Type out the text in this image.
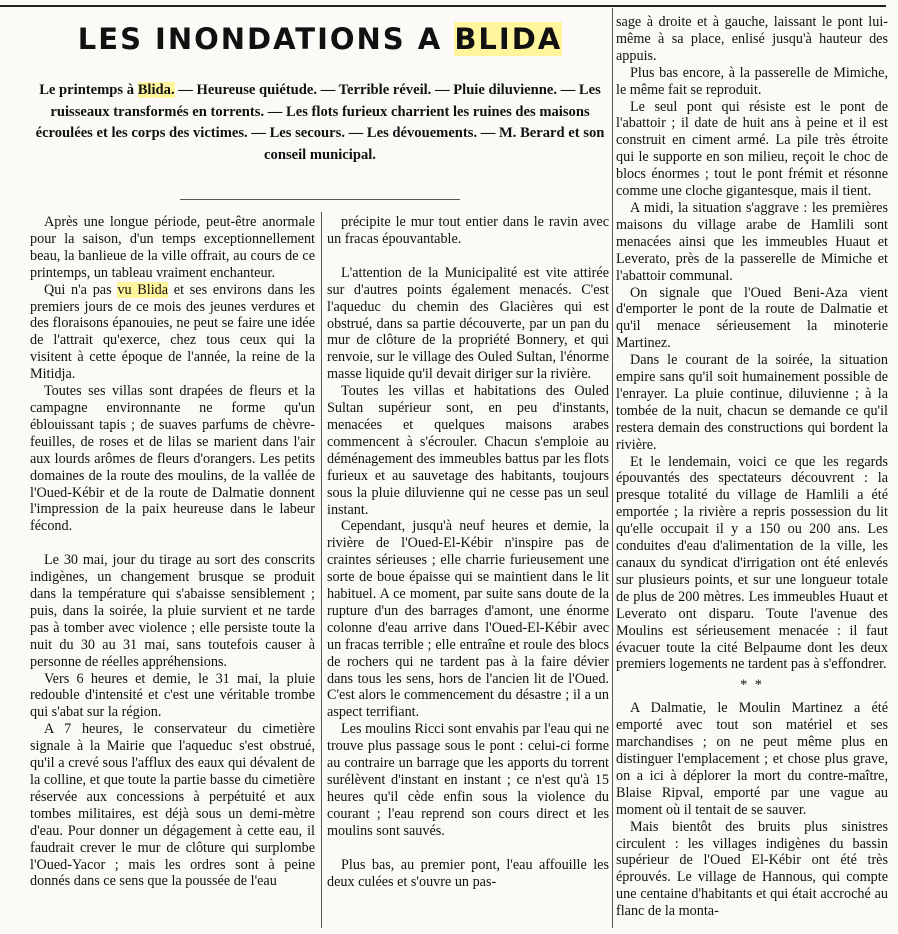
LES INONDATIONS A BLIDA

Le printemps à Blida. — Heureuse quiétude. — Terrible réveil. — Pluie diluvienne. — Les ruisseaux transformés en torrents. — Les flots furieux charrient les ruines des maisons écroulées et les corps des victimes. — Les secours. — Les dévouements. — M. Berard et son conseil municipal.

Après une longue période, peut-être anormale pour la saison, d'un temps exceptionnellement beau, la banlieue de la ville offrait, au cours de ce printemps, un tableau vraiment enchanteur.

Qui n'a pas vu Blida et ses environs dans les premiers jours de ce mois des jeunes verdures et des floraisons épanouies, ne peut se faire une idée de l'attrait qu'exerce, chez tous ceux qui la visitent à cette époque de l'année, la reine de la Mitidja.

Toutes ses villas sont drapées de fleurs et la campagne environnante ne forme qu'un éblouissant tapis ; de suaves parfums de chèvre-feuilles, de roses et de lilas se marient dans l'air aux lourds arômes de fleurs d'orangers. Les petits domaines de la route des moulins, de la vallée de l'Oued-Kébir et de la route de Dalmatie donnent l'impression de la paix heureuse dans le labeur fécond.

Le 30 mai, jour du tirage au sort des conscrits indigènes, un changement brusque se produit dans la température qui s'abaisse sensiblement ; puis, dans la soirée, la pluie survient et ne tarde pas à tomber avec violence ; elle persiste toute la nuit du 30 au 31 mai, sans toutefois causer à personne de réelles appréhensions.

Vers 6 heures et demie, le 31 mai, la pluie redouble d'intensité et c'est une véritable trombe qui s'abat sur la région.

A 7 heures, le conservateur du cimetière signale à la Mairie que l'aqueduc s'est obstrué, qu'il a crevé sous l'afflux des eaux qui dévalent de la colline, et que toute la partie basse du cimetière réservée aux concessions à perpétuité et aux tombes militaires, est déjà sous un demi-mètre d'eau. Pour donner un dégagement à cette eau, il faudrait crever le mur de clôture qui surplombe l'Oued-Yacor ; mais les ordres sont à peine donnés dans ce sens que la poussée de l'eau

précipite le mur tout entier dans le ravin avec un fracas épouvantable.

L'attention de la Municipalité est vite attirée sur d'autres points également menacés. C'est l'aqueduc du chemin des Glacières qui est obstrué, dans sa partie découverte, par un pan du mur de clôture de la propriété Bonnery, et qui renvoie, sur le village des Ouled Sultan, l'énorme masse liquide qu'il devait diriger sur la rivière.

Toutes les villas et habitations des Ouled Sultan supérieur sont, en peu d'instants, menacées et quelques maisons arabes commencent à s'écrouler. Chacun s'emploie au déménagement des immeubles battus par les flots furieux et au sauvetage des habitants, toujours sous la pluie diluvienne qui ne cesse pas un seul instant.

Cependant, jusqu'à neuf heures et demie, la rivière de l'Oued-El-Kébir n'inspire pas de craintes sérieuses ; elle charrie furieusement une sorte de boue épaisse qui se maintient dans le lit habituel. A ce moment, par suite sans doute de la rupture d'un des barrages d'amont, une énorme colonne d'eau arrive dans l'Oued-El-Kébir avec un fracas terrible ; elle entraîne et roule des blocs de rochers qui ne tardent pas à la faire dévier dans tous les sens, hors de l'ancien lit de l'Oued. C'est alors le commencement du désastre ; il a un aspect terrifiant.

Les moulins Ricci sont envahis par l'eau qui ne trouve plus passage sous le pont : celui-ci forme au contraire un barrage que les apports du torrent surélèvent d'instant en instant ; ce n'est qu'à 15 heures qu'il cède enfin sous la violence du courant ; l'eau reprend son cours direct et les moulins sont sauvés.

Plus bas, au premier pont, l'eau affouille les deux culées et s'ouvre un pas-

sage à droite et à gauche, laissant le pont lui-même à sa place, enlisé jusqu'à hauteur des appuis.

Plus bas encore, à la passerelle de Mimiche, le même fait se reproduit.

Le seul pont qui résiste est le pont de l'abattoir ; il date de huit ans à peine et il est construit en ciment armé. La pile très étroite qui le supporte en son milieu, reçoit le choc de blocs énormes ; tout le pont frémit et résonne comme une cloche gigantesque, mais il tient.

A midi, la situation s'aggrave : les premières maisons du village arabe de Hamlili sont menacées ainsi que les immeubles Huaut et Leverato, près de la passerelle de Mimiche et l'abattoir communal.

On signale que l'Oued Beni-Aza vient d'emporter le pont de la route de Dalmatie et qu'il menace sérieusement la minoterie Martinez.

Dans le courant de la soirée, la situation empire sans qu'il soit humainement possible de l'enrayer. La pluie continue, diluvienne ; à la tombée de la nuit, chacun se demande ce qu'il restera demain des constructions qui bordent la rivière.

Et le lendemain, voici ce que les regards épouvantés des spectateurs découvrent : la presque totalité du village de Hamlili a été emportée ; la rivière a repris possession du lit qu'elle occupait il y a 150 ou 200 ans. Les conduites d'eau d'alimentation de la ville, les canaux du syndicat d'irrigation ont été enlevés sur plusieurs points, et sur une longueur totale de plus de 200 mètres. Les immeubles Huaut et Leverato ont disparu. Toute l'avenue des Moulins est sérieusement menacée : il faut évacuer toute la cité Belpaume dont les deux premiers logements ne tardent pas à s'effondrer.

* *

A Dalmatie, le Moulin Martinez a été emporté avec tout son matériel et ses marchandises ; on ne peut même plus en distinguer l'emplacement ; et chose plus grave, on a ici à déplorer la mort du contre-maître, Blaise Ripval, emporté par une vague au moment où il tentait de se sauver.

Mais bientôt des bruits plus sinistres circulent : les villages indigènes du bassin supérieur de l'Oued El-Kébir ont été très éprouvés. Le village de Hannous, qui compte une centaine d'habitants et qui était accroché au flanc de la monta-
